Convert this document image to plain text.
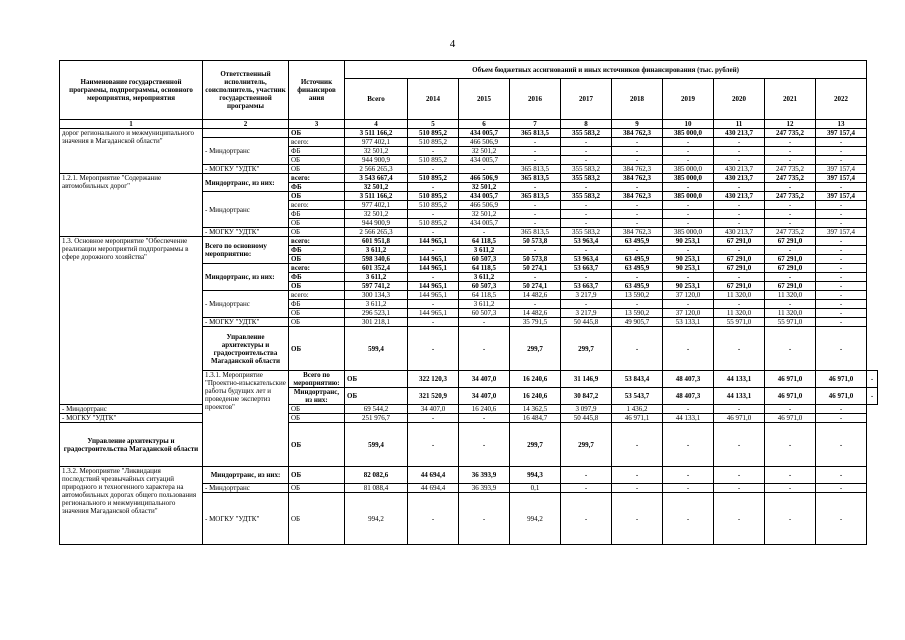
4
Наименование государственной программы, подпрограммы, основного мероприятия, мероприятия	Ответственный исполнитель, соисполнитель, участник государственной программы	Источник финансиров ания	Объем бюджетных ассигнований и иных источников финансирования (тыс. рублей)										
			Всего	2014	2015	2016	2017	2018	2019	2020	2021	2022	
1	2	3	4	5	6	7	8	9	10	11	12	13	
дорог регионального и межмуниципального значения в Магаданской области"		ОБ	3 511 166,2	510 895,2	434 005,7	365 813,5	355 583,2	384 762,3	385 000,0	430 213,7	247 735,2	397 157,4	
	- Миндортранс	всего:	977 402,1	510 895,2	466 506,9	-	-	-	-	-	-	-	
		ФБ	32 501,2	-	32 501,2	-	-	-	-	-	-	-	
		ОБ	944 900,9	510 895,2	434 005,7	-	-	-	-	-	-	-	
	- МОГКУ "УДТК"	ОБ	2 566 265,3	-	-	365 813,5	355 583,2	384 762,3	385 000,0	430 213,7	247 735,2	397 157,4	
1.2.1. Мероприятие "Содержание автомобильных дорог"	Миндортранс, из них:	всего:	3 543 667,4	510 895,2	466 506,9	365 813,5	355 583,2	384 762,3	385 000,0	430 213,7	247 735,2	397 157,4	
		ФБ	32 501,2	-	32 501,2	-	-	-	-	-	-	-	
	- Миндортранс	ОБ	3 511 166,2	510 895,2	434 005,7	365 813,5	355 583,2	384 762,3	385 000,0	430 213,7	247 735,2	397 157,4	
		всего:	977 402,1	510 895,2	466 506,9	-	-	-	-	-	-	-	
		ФБ	32 501,2	-	32 501,2	-	-	-	-	-	-	-	
		ОБ	944 900,9	510 895,2	434 005,7	-	-	-	-	-	-	-	
	- МОГКУ "УДТК"	ОБ	2 566 265,3	-	-	365 813,5	355 583,2	384 762,3	385 000,0	430 213,7	247 735,2	397 157,4	
1.3. Основное мероприятие "Обеспечение реализации мероприятий подпрограммы в сфере дорожного хозяйства"	Всего по основному мероприятию:	всего:	601 951,8	144 965,1	64 118,5	50 573,8	53 963,4	63 495,9	90 253,1	67 291,0	67 291,0	-	
		ФБ	3 611,2	-	3 611,2	-	-	-	-	-	-	-	
		ОБ	598 340,6	144 965,1	60 507,3	50 573,8	53 963,4	63 495,9	90 253,1	67 291,0	67 291,0	-	
	Миндортранс, из них:	всего:	601 352,4	144 965,1	64 118,5	50 274,1	53 663,7	63 495,9	90 253,1	67 291,0	67 291,0	-	
		ФБ	3 611,2	-	3 611,2	-	-	-	-	-	-	-	
		ОБ	597 741,2	144 965,1	60 507,3	50 274,1	53 663,7	63 495,9	90 253,1	67 291,0	67 291,0	-	
	- Миндортранс	всего:	300 134,3	144 965,1	64 118,5	14 482,6	3 217,9	13 590,2	37 120,0	11 320,0	11 320,0	-	
		ФБ	3 611,2	-	3 611,2	-	-	-	-	-	-	-	
		ОБ	296 523,1	144 965,1	60 507,3	14 482,6	3 217,9	13 590,2	37 120,0	11 320,0	11 320,0	-	
	- МОГКУ "УДТК"	ОБ	301 218,1	-	-	35 791,5	50 445,8	49 905,7	53 133,1	55 971,0	55 971,0	-	
	Управление архитектуры и градостроительства Магаданской области	ОБ	599,4	-	-	299,7	299,7	-	-	-	-	-	
	1.3.1. Мероприятие "Проектно-изыскательские работы будущих лет и проведение экспертиз проектов"	Всего по мероприятию:	ОБ	322 120,3	34 407,0	16 240,6	31 146,9	53 843,4	48 407,3	44 133,1	46 971,0	46 971,0	-
		Миндортранс, из них:	ОБ	321 520,9	34 407,0	16 240,6	30 847,2	53 543,7	48 407,3	44 133,1	46 971,0	46 971,0	-
- Миндортранс		ОБ	69 544,2	34 407,0	16 240,6	14 362,5	3 097,9	1 436,2	-	-	-	-	
- МОГКУ "УДТК"		ОБ	251 976,7	-	-	16 484,7	50 445,8	46 971,1	44 133,1	46 971,0	46 971,0	-	
Управление архитектуры и градостроительства Магаданской области		ОБ	599,4	-	-	299,7	299,7	-	-	-	-	-	
1.3.2. Мероприятие "Ликвидация последствий чрезвычайных ситуаций природного и техногенного характера на автомобильных дорогах общего пользования регионального и межмуниципального значения Магаданской области"	Миндортранс, из них:	ОБ	82 082,6	44 694,4	36 393,9	994,3	-	-	-	-	-	-	
	- Миндортранс	ОБ	81 088,4	44 694,4	36 393,9	0,1	-	-	-	-	-	-	
	- МОГКУ "УДТК"	ОБ	994,2	-	-	994,2	-	-	-	-	-	-	
